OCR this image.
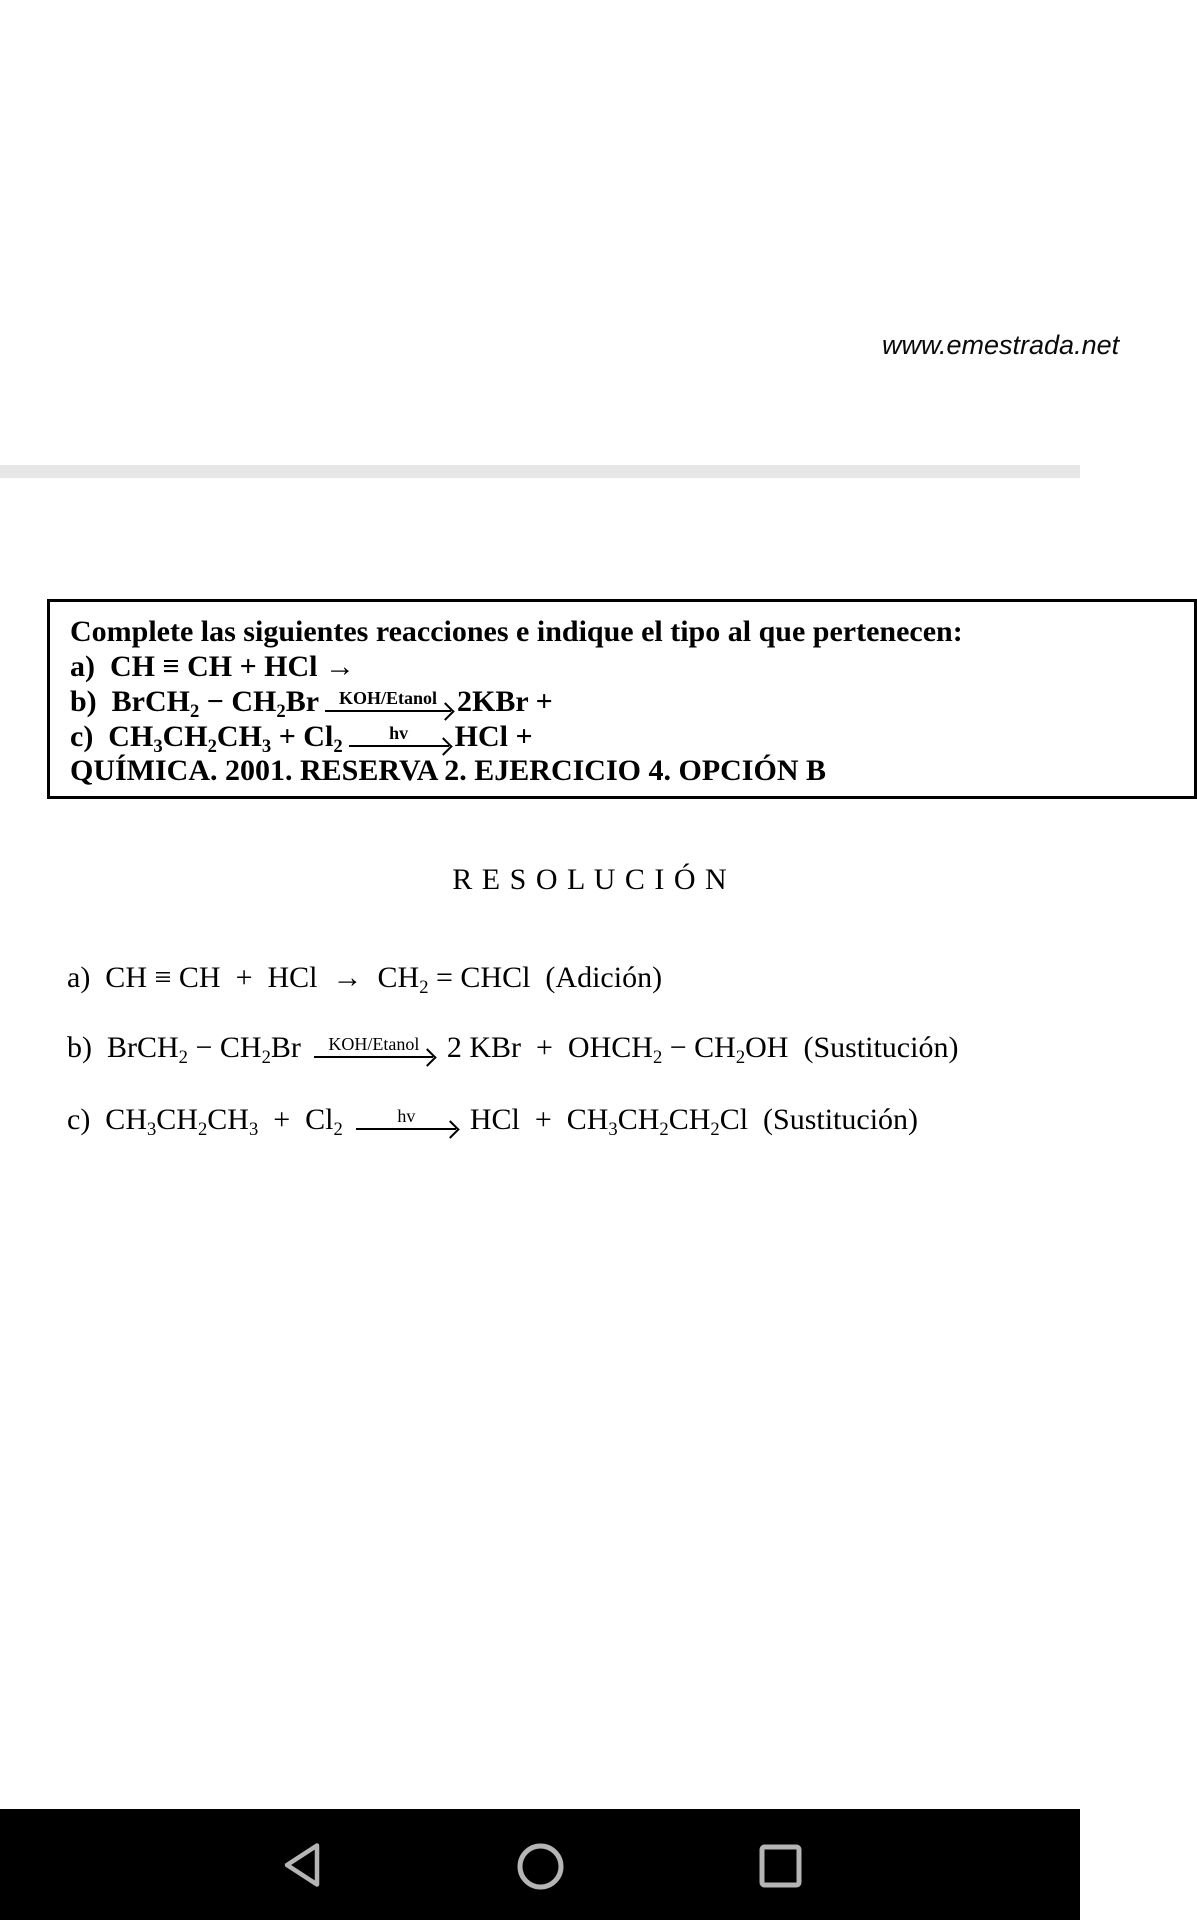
www.emestrada.net
Complete las siguientes reacciones e indique el tipo al que pertenecen:
a)  CH ≡ CH + HCl →
b)  BrCH$_2$ − $CH_2Br$	KOH/Etanol 2KBr +
c)  $CH_3CH_2CH_3 + Cl_2$
hv	HCl +
QUÍMICA. 2001. RESERVA 2. EJERCICIO 4. OPCIÓN B
R E S O L U C I Ó N
a)  CH ≡ CH  +  HCl  →  $CH_2$ = CHCl  (Adición)
b)  BrCH$_2$ − $CH_2Br$	KOH/Etanol 2 KBr  +  $OHCH_2 - CH_2OH$  (Sustitución)
c)  $CH_3CH_2CH_3 + Cl_2$
hv	HCl  +  $CH_3CH_2CH_2Cl$  (Sustitución)
